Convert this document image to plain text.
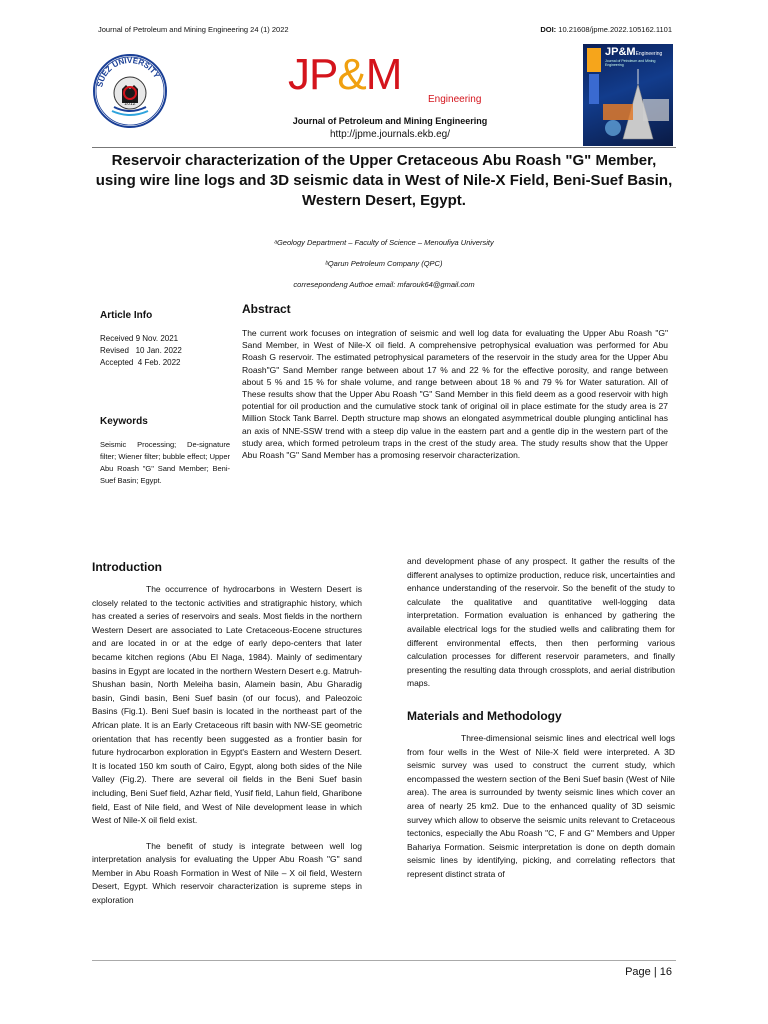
Journal of Petroleum and Mining Engineering 24 (1) 2022	DOI: 10.21608/jpme.2022.105162.1101
SUEZ UNIVERSITY
2012
JP&M
Engineering
Journal of Petroleum and Mining Engineering
http://jpme.journals.ekb.eg/
JP&MEngineering
Journal of Petroleum and Mining Engineering
Reservoir characterization of the Upper Cretaceous Abu Roash "G" Member, using wire line logs and 3D seismic data in West of Nile-X Field, Beni-Suef Basin, Western Desert, Egypt.
ᵃGeology Department – Faculty of Science – Menoufiya University
ᵇQarun Petroleum Company (QPC)
corresepondeng Authoe email: mfarouk64@gmail.com
Article Info
Received 9 Nov. 2021
Revised   10 Jan. 2022
Accepted  4 Feb. 2022
Keywords
Seismic Processing; De-signature filter; Wiener filter; bubble effect; Upper Abu Roash "G" Sand Member; Beni-Suef Basin; Egypt.
Abstract

The current work focuses on integration of seismic and well log data for evaluating the Upper Abu Roash "G" Sand Member, in West of Nile-X oil field. A comprehensive petrophysical evaluation was performed for Abu Roash G reservoir. The estimated petrophysical parameters of the reservoir in the study area for the Upper Abu Roash"G" Sand Member range between about 17 % and 22 % for the effective porosity, and range between about 5 % and 15 % for shale volume, and range between about 18 % and 79 % for Water saturation. All of These results show that the Upper Abu Roash "G" Sand Member in this field deem as a good reservoir with high potential for oil production and the cumulative stock tank of original oil in place estimate for the study area is 27 Million Stock Tank Barrel. Depth structure map shows an elongated asymmetrical double plunging anticlinal has an axis of NNE-SSW trend with a steep dip value in the eastern part and a gentle dip in the western part of the study area, which formed petroleum traps in the crest of the study area. The study results show that the Upper Abu Roash "G" Sand Member has a promosing reservoir characterization.

Introduction

The occurrence of hydrocarbons in Western Desert is closely related to the tectonic activities and stratigraphic history, which has created a series of reservoirs and seals. Most fields in the northern Western Desert are associated to Late Cretaceous-Eocene structures and are located in or at the edge of early depo-centers that later became kitchen regions (Abu El Naga, 1984). Mainly of sedimentary basins in Egypt are located in the northern Western Desert e.g. Matruh- Shushan basin, North Meleiha basin, Alamein basin, Abu Gharadig basin, Gindi basin, Beni Suef basin (of our focus), and Paleozoic Basins (Fig.1). Beni Suef basin is located in the northeast part of the African plate. It is an Early Cretaceous rift basin with NW-SE geometric orientation that has recently been suggested as a frontier basin for future hydrocarbon exploration in Egypt's Eastern and Western Desert. It is located 150 km south of Cairo, Egypt, along both sides of the Nile Valley (Fig.2). There are several oil fields in the Beni Suef basin including, Beni Suef field, Azhar field, Yusif field, Lahun field, Gharibone field, East of Nile field, and West of Nile development lease in which West of Nile-X oil field exist.

The benefit of study is integrate between well log interpretation analysis for evaluating the Upper Abu Roash "G" sand Member in Abu Roash Formation in West of Nile – X oil field, Western Desert, Egypt. Which reservoir characterization is supreme steps in exploration

and development phase of any prospect. It gather the results of the different analyses to optimize production, reduce risk, uncertainties and enhance understanding of the reservoir. So the benefit of the study to calculate the qualitative and quantitative well-logging data interpretation. Formation evaluation is enhanced by gathering the available electrical logs for the studied wells and calibrating them for different environmental effects, then then performing various calculation processes for different reservoir parameters, and finally presenting the resulting data through crossplots, and aerial distribution maps.

Materials and Methodology

Three-dimensional seismic lines and electrical well logs from four wells in the West of Nile-X field were interpreted. A 3D seismic survey was used to construct the current study, which encompassed the western section of the Beni Suef basin (West of Nile area). The area is surrounded by twenty seismic lines which cover an area of nearly 25 km2. Due to the enhanced quality of 3D seismic survey which allow to observe the seismic units relevant to Cretaceous tectonics, especially the Abu Roash "C, F and G" Members and Upper Bahariya Formation. Seismic interpretation is done on depth domain seismic lines by identifying, picking, and correlating reflectors that represent distinct strata of

Page | 16
